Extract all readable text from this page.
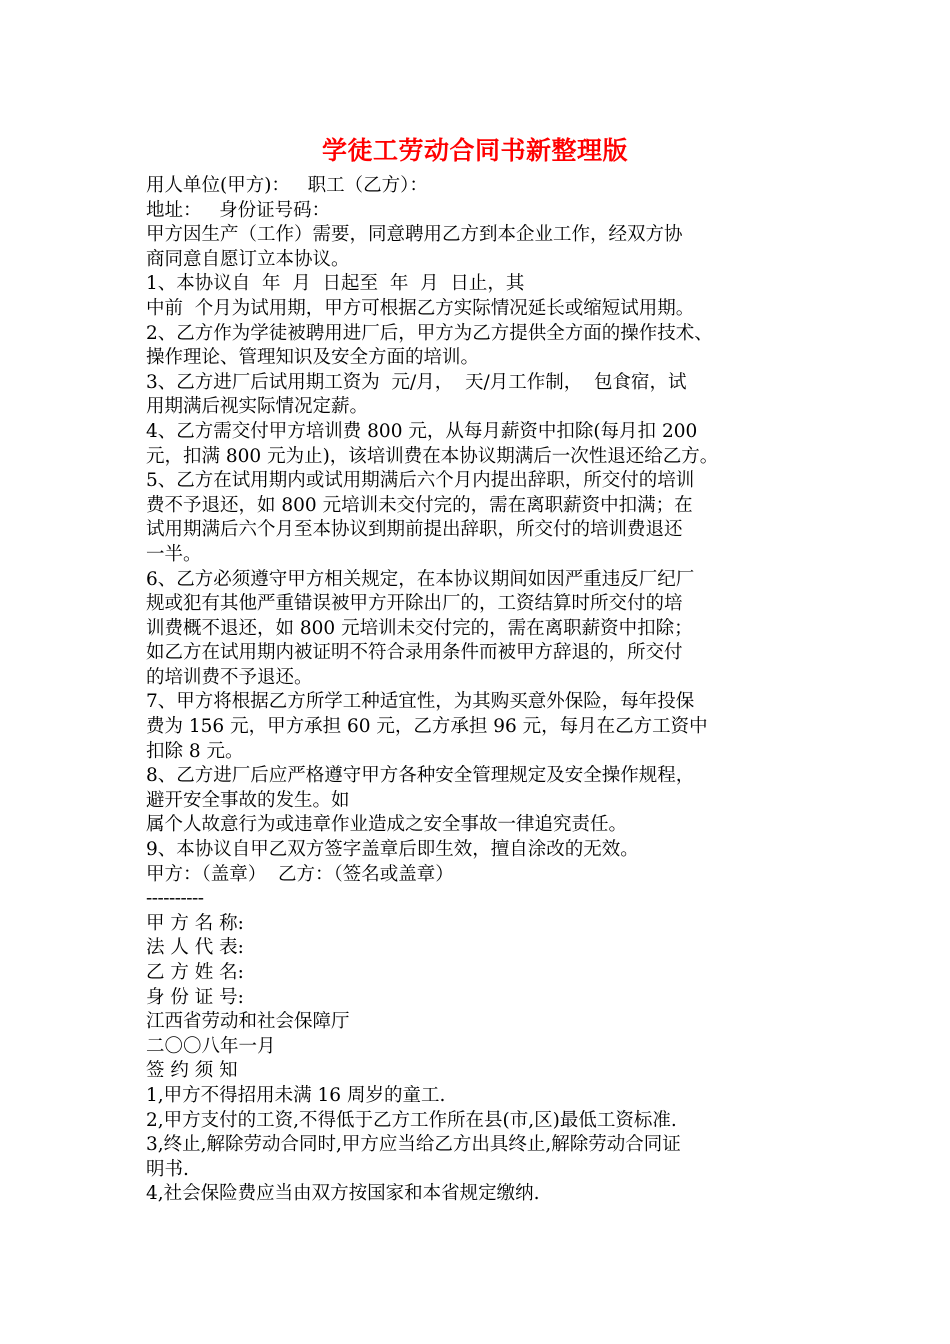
学徒工劳动合同书新整理版
用人单位(甲方)：   职工（乙方）：
地址：   身份证号码：
甲方因生产（工作）需要，同意聘用乙方到本企业工作，经双方协
商同意自愿订立本协议。
1、本协议自  年  月  日起至  年  月  日止，其
中前  个月为试用期，甲方可根据乙方实际情况延长或缩短试用期。
2、乙方作为学徒被聘用进厂后，甲方为乙方提供全方面的操作技术、
操作理论、管理知识及安全方面的培训。
3、乙方进厂后试用期工资为  元/月，  天/月工作制，  包食宿，试
用期满后视实际情况定薪。
4、乙方需交付甲方培训费 800 元，从每月薪资中扣除(每月扣 200
元，扣满 800 元为止)，该培训费在本协议期满后一次性退还给乙方。
5、乙方在试用期内或试用期满后六个月内提出辞职，所交付的培训
费不予退还，如 800 元培训未交付完的，需在离职薪资中扣满；在
试用期满后六个月至本协议到期前提出辞职，所交付的培训费退还
一半。
6、乙方必须遵守甲方相关规定，在本协议期间如因严重违反厂纪厂
规或犯有其他严重错误被甲方开除出厂的，工资结算时所交付的培
训费概不退还，如 800 元培训未交付完的，需在离职薪资中扣除；
如乙方在试用期内被证明不符合录用条件而被甲方辞退的，所交付
的培训费不予退还。
7、甲方将根据乙方所学工种适宜性，为其购买意外保险，每年投保
费为 156 元，甲方承担 60 元，乙方承担 96 元，每月在乙方工资中
扣除 8 元。
8、乙方进厂后应严格遵守甲方各种安全管理规定及安全操作规程，
避开安全事故的发生。如
属个人故意行为或违章作业造成之安全事故一律追究责任。
9、本协议自甲乙双方签字盖章后即生效，擅自涂改的无效。
甲方：（盖章）  乙方：（签名或盖章）
----------
甲 方 名 称:
法 人 代 表:
乙 方 姓 名:
身 份 证 号:
江西省劳动和社会保障厅
二〇〇八年一月
签 约 须 知
1,甲方不得招用未满 16 周岁的童工.
2,甲方支付的工资,不得低于乙方工作所在县(市,区)最低工资标准.
3,终止,解除劳动合同时,甲方应当给乙方出具终止,解除劳动合同证
明书.
4,社会保险费应当由双方按国家和本省规定缴纳.
